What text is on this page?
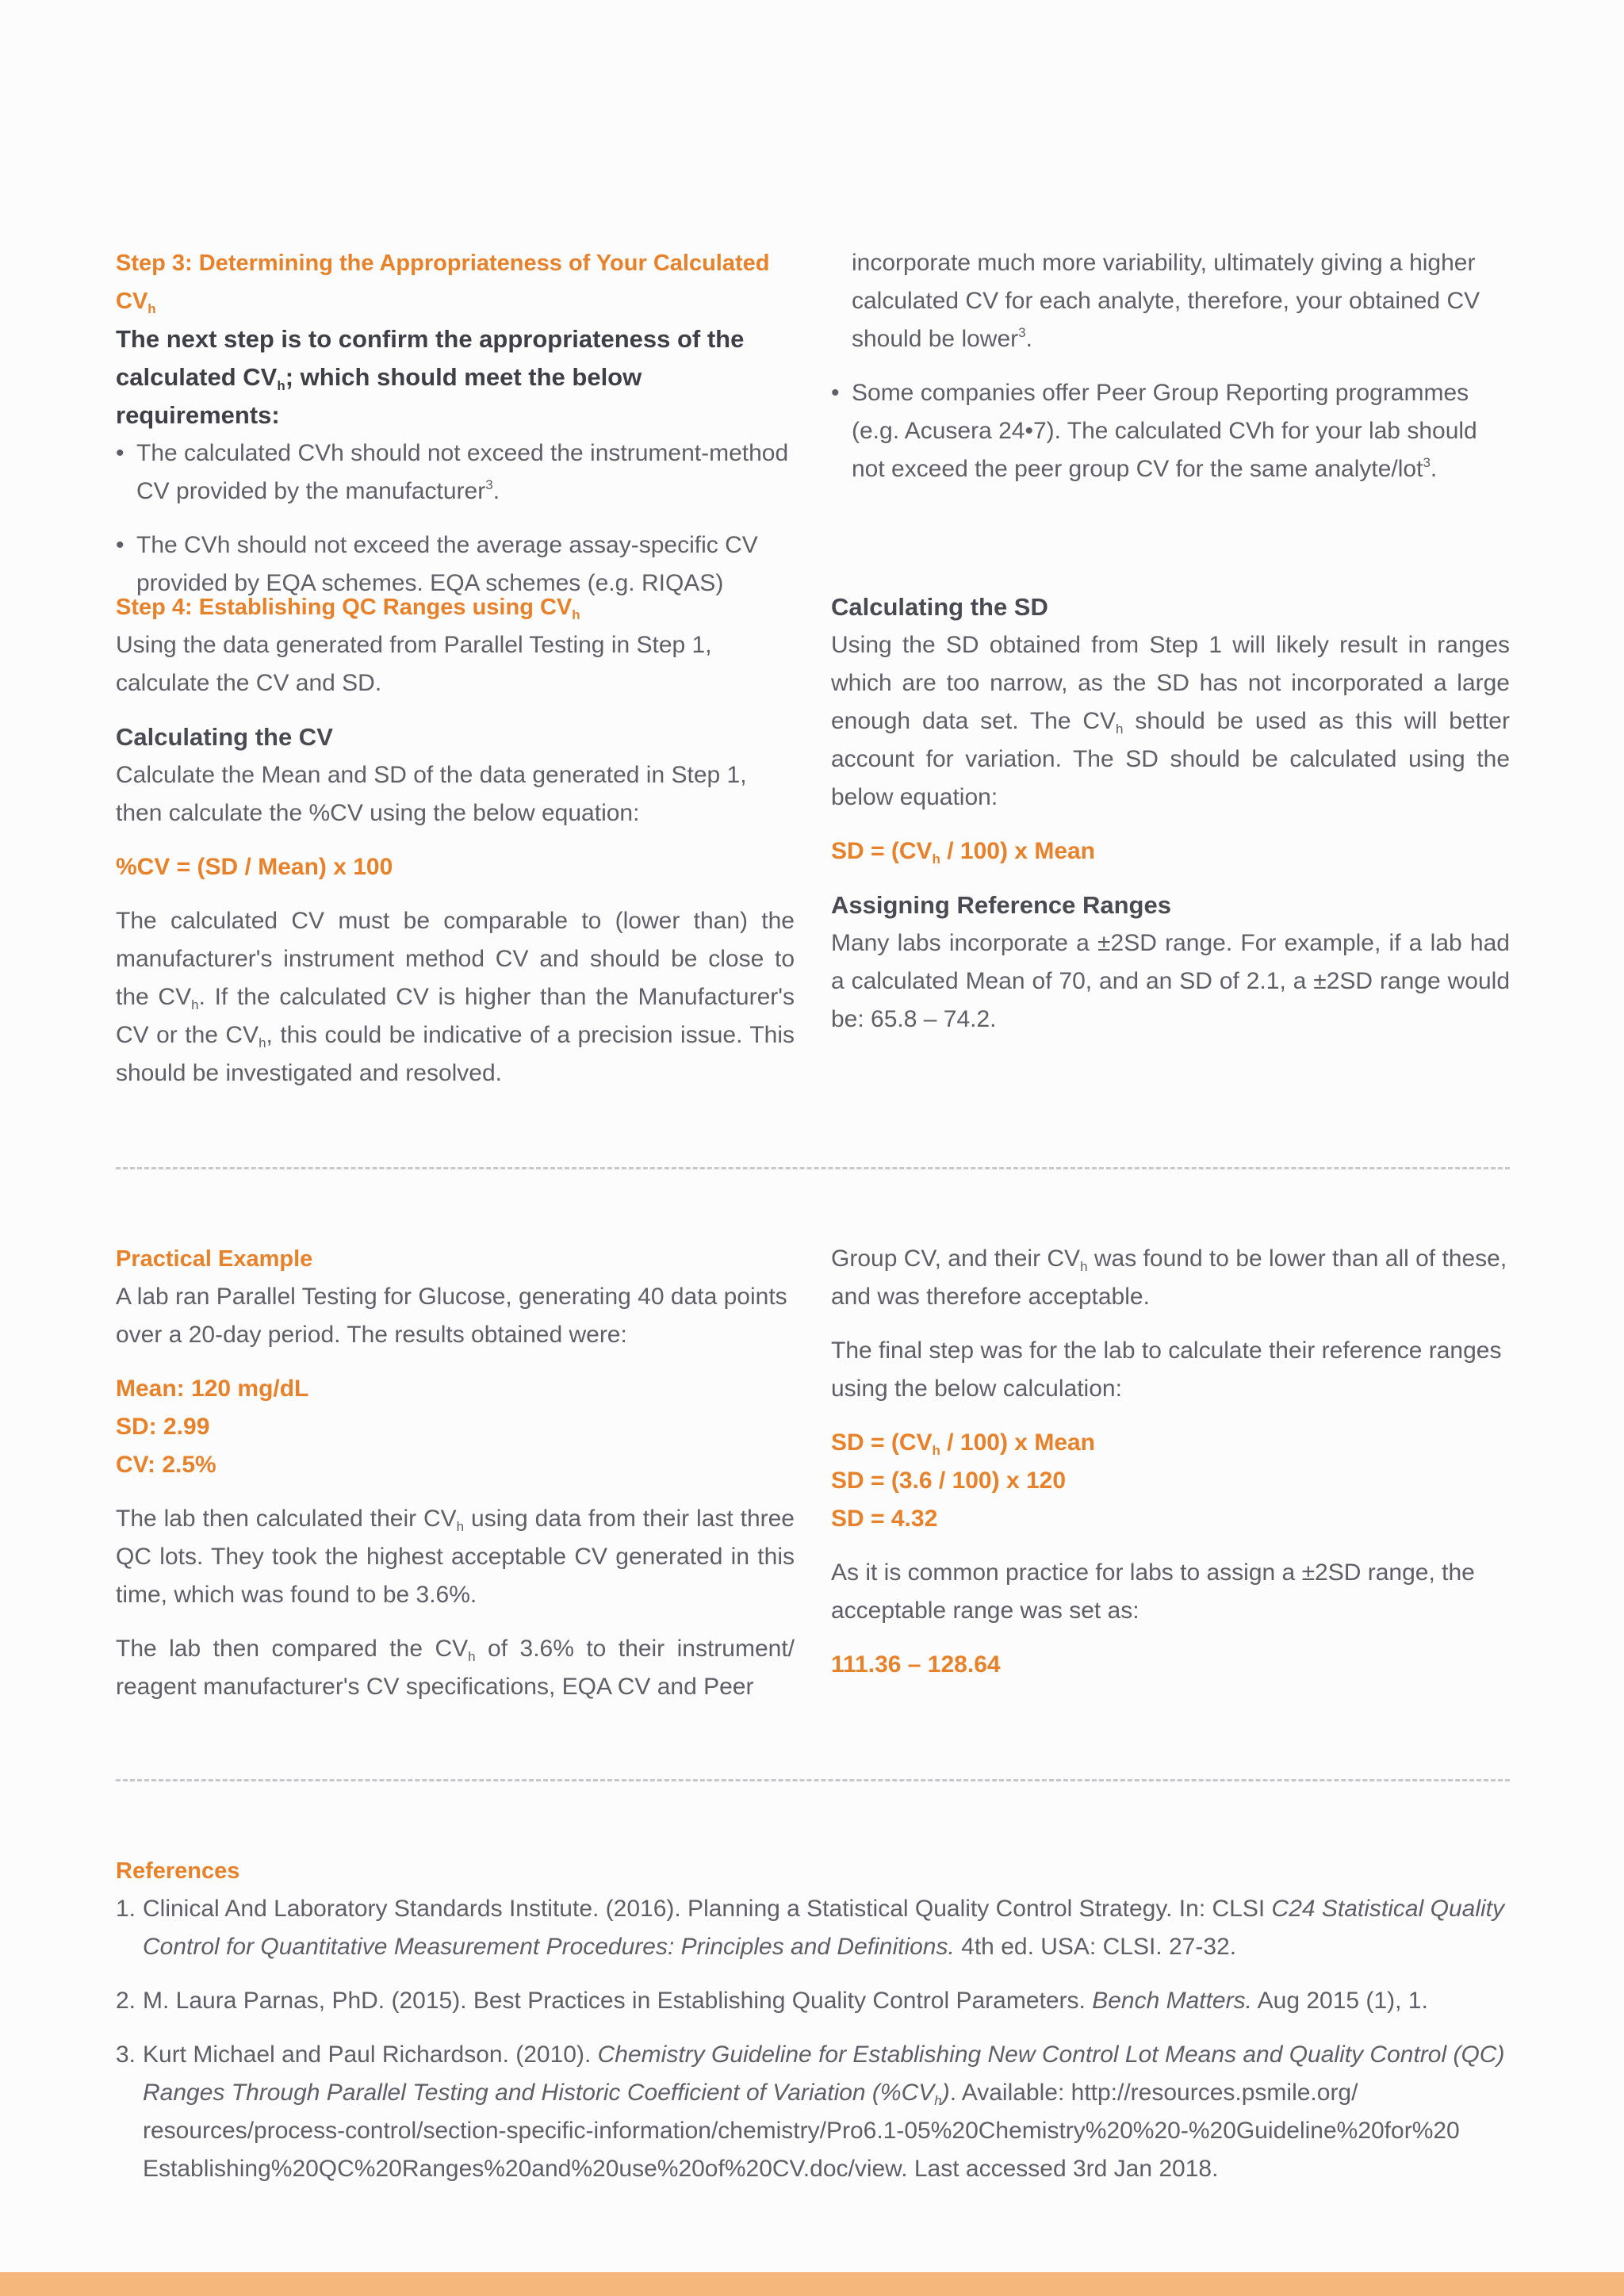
Step 3: Determining the Appropriateness of Your Calculated $CV_h$

The next step is to confirm the appropriateness of the calculated $CV_h$; which should meet the below requirements:

• The calculated CVh should not exceed the instrument-method CV provided by the manufacturer$^3$.

• The CVh should not exceed the average assay-specific CV provided by EQA schemes. EQA schemes (e.g. RIQAS)

incorporate much more variability, ultimately giving a higher calculated CV for each analyte, therefore, your obtained CV should be lower$^3$.

• Some companies offer Peer Group Reporting programmes (e.g. Acusera 24•7). The calculated CVh for your lab should not exceed the peer group CV for the same analyte/lot$^3$.

Step 4: Establishing QC Ranges using $CV_h$

Using the data generated from Parallel Testing in Step 1, calculate the CV and SD.

Calculating the CV

Calculate the Mean and SD of the data generated in Step 1, then calculate the %CV using the below equation:

%CV = (SD / Mean) x 100

The calculated CV must be comparable to (lower than) the manufacturer's instrument method CV and should be close to the $CV_h$. If the calculated CV is higher than the Manufacturer's CV or the $CV_h$, this could be indicative of a precision issue. This should be investigated and resolved.

Calculating the SD

Using the SD obtained from Step 1 will likely result in ranges which are too narrow, as the SD has not incorporated a large enough data set. The $CV_h$ should be used as this will better account for variation. The SD should be calculated using the below equation:

SD = $(CV_h / 100)$ x Mean

Assigning Reference Ranges

Many labs incorporate a ±2SD range. For example, if a lab had a calculated Mean of 70, and an SD of 2.1, a ±2SD range would be: 65.8 – 74.2.

Practical Example

A lab ran Parallel Testing for Glucose, generating 40 data points over a 20-day period. The results obtained were:

Mean: 120 mg/dL

SD: 2.99

CV: 2.5%

The lab then calculated their $CV_h$ using data from their last three QC lots. They took the highest acceptable CV generated in this time, which was found to be 3.6%.

The lab then compared the $CV_h$ of 3.6% to their instrument/ reagent manufacturer's CV specifications, EQA CV and Peer

Group CV, and their $CV_h$ was found to be lower than all of these, and was therefore acceptable.

The final step was for the lab to calculate their reference ranges using the below calculation:

SD = $(CV_h / 100)$ x Mean

SD = (3.6 / 100) x 120

SD = 4.32

As it is common practice for labs to assign a ±2SD range, the acceptable range was set as:

111.36 – 128.64

References

1. Clinical And Laboratory Standards Institute. (2016). Planning a Statistical Quality Control Strategy. In: CLSI C24 Statistical Quality Control for Quantitative Measurement Procedures: Principles and Definitions. 4th ed. USA: CLSI. 27-32.

2. M. Laura Parnas, PhD. (2015). Best Practices in Establishing Quality Control Parameters. Bench Matters. Aug 2015 (1), 1.

3. Kurt Michael and Paul Richardson. (2010). Chemistry Guideline for Establishing New Control Lot Means and Quality Control (QC) Ranges Through Parallel Testing and Historic Coefficient of Variation $(\%CV_h)$. Available: http://resources.psmile.org/ resources/process-control/section-specific-information/chemistry/Pro6.1-05%20Chemistry%20%20-%20Guideline%20for%20 Establishing%20QC%20Ranges%20and%20use%20of%20CV.doc/view. Last accessed 3rd Jan 2018.
